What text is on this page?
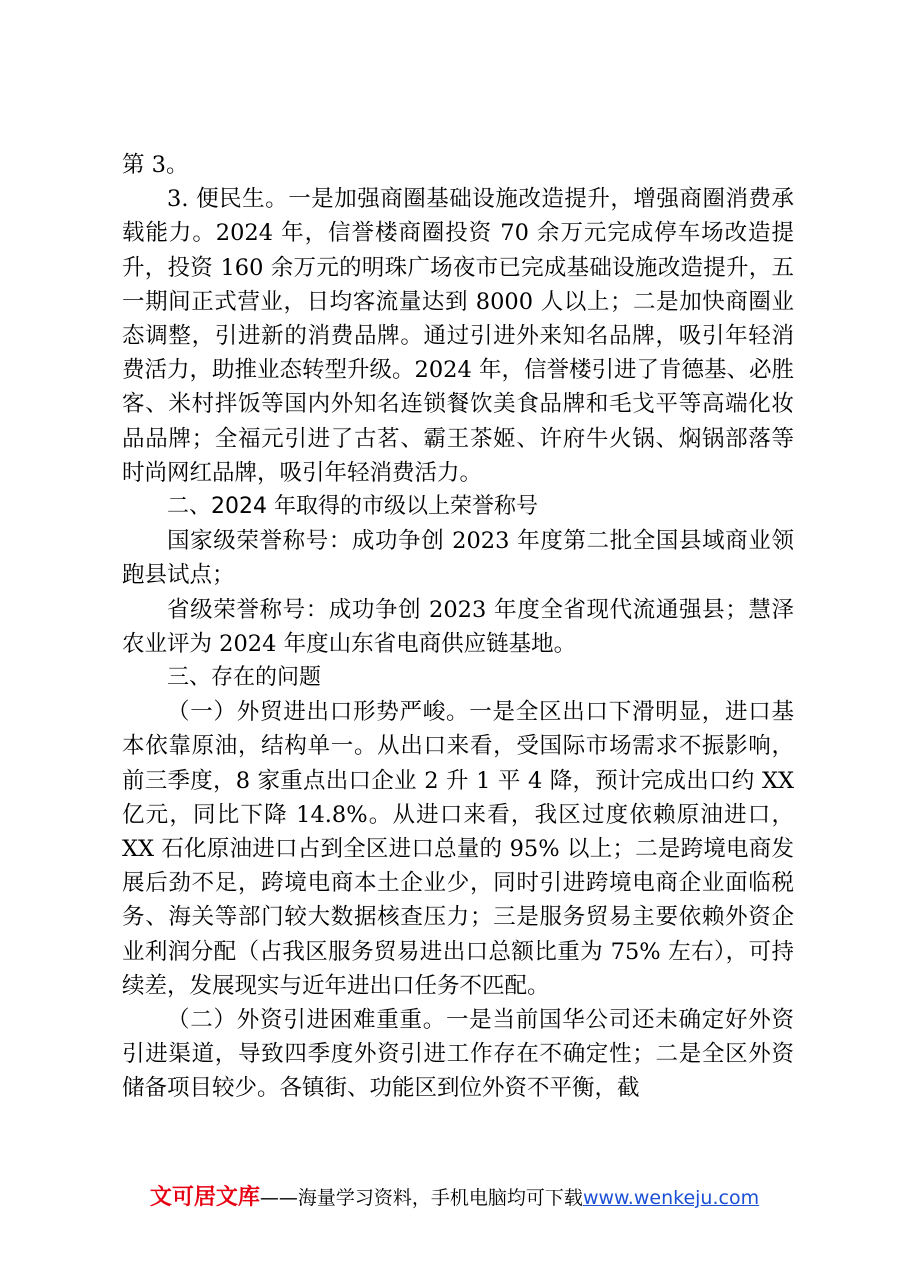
第 3。

3. 便民生。一是加强商圈基础设施改造提升，增强商圈消费承载能力。2024 年，信誉楼商圈投资 70 余万元完成停车场改造提升，投资 160 余万元的明珠广场夜市已完成基础设施改造提升，五一期间正式营业，日均客流量达到 8000 人以上；二是加快商圈业态调整，引进新的消费品牌。通过引进外来知名品牌，吸引年轻消费活力，助推业态转型升级。2024 年，信誉楼引进了肯德基、必胜客、米村拌饭等国内外知名连锁餐饮美食品牌和毛戈平等高端化妆品品牌；全福元引进了古茗、霸王茶姬、许府牛火锅、焖锅部落等时尚网红品牌，吸引年轻消费活力。

二、2024 年取得的市级以上荣誉称号

国家级荣誉称号：成功争创 2023 年度第二批全国县域商业领跑县试点；

省级荣誉称号：成功争创 2023 年度全省现代流通强县；慧泽农业评为 2024 年度山东省电商供应链基地。

三、存在的问题

（一）外贸进出口形势严峻。一是全区出口下滑明显，进口基本依靠原油，结构单一。从出口来看，受国际市场需求不振影响，前三季度，8 家重点出口企业 2 升 1 平 4 降，预计完成出口约 XX 亿元，同比下降 14.8%。从进口来看，我区过度依赖原油进口，XX 石化原油进口占到全区进口总量的 95% 以上；二是跨境电商发展后劲不足，跨境电商本土企业少，同时引进跨境电商企业面临税务、海关等部门较大数据核查压力；三是服务贸易主要依赖外资企业利润分配（占我区服务贸易进出口总额比重为 75% 左右），可持续差，发展现实与近年进出口任务不匹配。

（二）外资引进困难重重。一是当前国华公司还未确定好外资引进渠道，导致四季度外资引进工作存在不确定性；二是全区外资储备项目较少。各镇街、功能区到位外资不平衡，截

文可居文库——海量学习资料，手机电脑均可下载www.wenkeju.com
